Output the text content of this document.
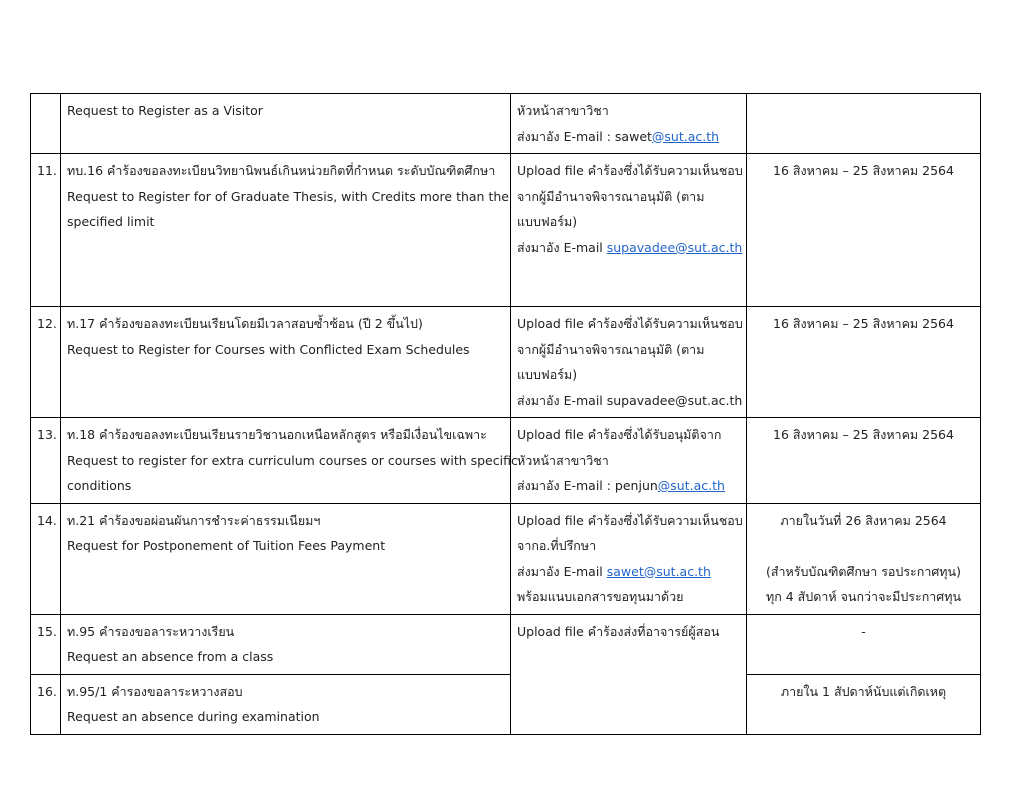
	Request to Register as a Visitor	หัวหน้าสาขาวิชา
ส่งมาอัง E-mail : sawet@sut.ac.th	

11.	ทบ.16 คำร้องขอลงทะเบียนวิทยานิพนธ์เกินหน่วยกิตที่กำหนด ระดับบัณฑิตศึกษา
Request to Register for of Graduate Thesis, with Credits more than the
specified limit	Upload file คำร้องซึ่งได้รับความเห็นชอบ
จากผู้มีอำนาจพิจารณาอนุมัติ (ตาม
แบบฟอร์ม)
ส่งมาอัง E-mail supavadee@sut.ac.th	16 สิงหาคม – 25 สิงหาคม 2564
12.	ท.17 คำร้องขอลงทะเบียนเรียนโดยมีเวลาสอบซ้ำซ้อน (ปี 2 ขึ้นไป)
Request to Register for Courses with Conflicted Exam Schedules	Upload file คำร้องซึ่งได้รับความเห็นชอบ
จากผู้มีอำนาจพิจารณาอนุมัติ (ตาม
แบบฟอร์ม)
ส่งมาอัง E-mail supavadee@sut.ac.th	16 สิงหาคม – 25 สิงหาคม 2564
13.	ท.18 คำร้องขอลงทะเบียนเรียนรายวิชานอกเหนือหลักสูตร หรือมีเงื่อนไขเฉพาะ
Request to register for extra curriculum courses or courses with specific
conditions	Upload file คำร้องซึ่งได้รับอนุมัติจาก
หัวหน้าสาขาวิชา
ส่งมาอัง E-mail : penjun@sut.ac.th	16 สิงหาคม – 25 สิงหาคม 2564
14.	ท.21 คำร้องขอผ่อนผันการชำระค่าธรรมเนียมฯ
Request for Postponement of Tuition Fees Payment	Upload file คำร้องซึ่งได้รับความเห็นชอบ
จากอ.ที่ปรึกษา
ส่งมาอัง E-mail sawet@sut.ac.th
พร้อมแนบเอกสารขอทุนมาด้วย	ภายในวันที่ 26 สิงหาคม 2564
(สำหรับบัณฑิตศึกษา รอประกาศทุน)
ทุก 4 สัปดาห์ จนกว่าจะมีประกาศทุน

15.	ท.95 คำรองขอลาระหวางเรียน
Request an absence from a class	Upload file คำร้องส่งที่อาจารย์ผู้สอน	-
16.	ท.95/1 คำรองขอลาระหวางสอบ
Request an absence during examination		ภายใน 1 สัปดาห์นับแต่เกิดเหตุ
